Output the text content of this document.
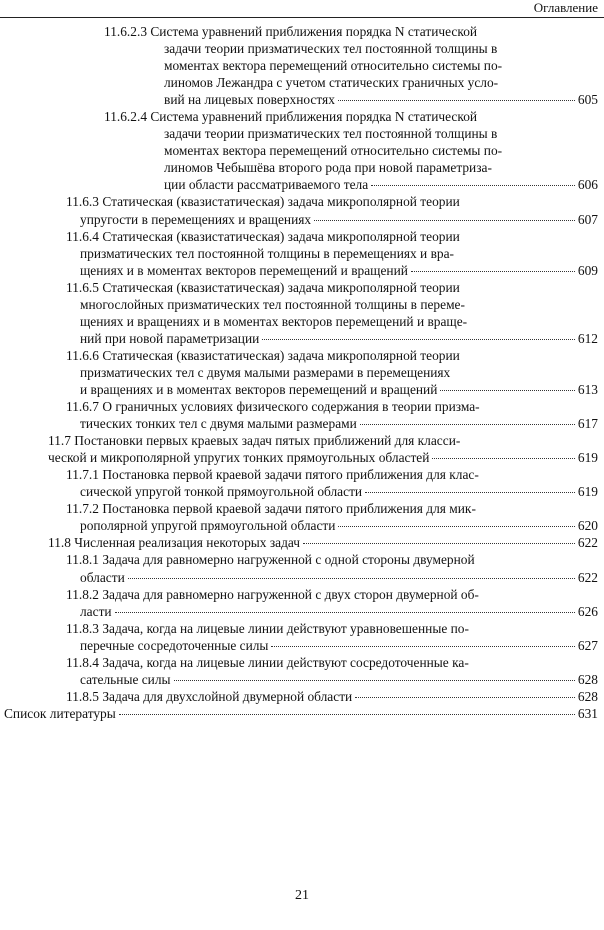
Оглавление
11.6.2.3 Система уравнений приближения порядка N статической
задачи теории призматических тел постоянной толщины в
моментах вектора перемещений относительно системы по-
линомов Лежандра с учетом статических граничных усло-
вий на лицевых поверхностях	605
11.6.2.4 Система уравнений приближения порядка N статической
задачи теории призматических тел постоянной толщины в
моментах вектора перемещений относительно системы по-
линомов Чебышёва второго рода при новой параметризa-
ции области рассматриваемого тела	606
11.6.3 Статическая (квазистатическая) задача микрополярной теории
упругости в перемещениях и вращениях	607
11.6.4 Статическая (квазистатическая) задача микрополярной теории
призматических тел постоянной толщины в перемещениях и вра-
щениях и в моментах векторов перемещений и вращений	609
11.6.5 Статическая (квазистатическая) задача микрополярной теории
многослойных призматических тел постоянной толщины в переме-
щениях и вращениях и в моментах векторов перемещений и враще-
ний при новой параметризации	612
11.6.6 Статическая (квазистатическая) задача микрополярной теории
призматических тел с двумя малыми размерами в перемещениях
и вращениях и в моментах векторов перемещений и вращений	613
11.6.7 О граничных условиях физического содержания в теории призма-
тических тонких тел с двумя малыми размерами	617
11.7 Постановки первых краевых задач пятых приближений для класси-
ческой и микрополярной упругих тонких прямоугольных областей	619
11.7.1 Постановка первой краевой задачи пятого приближения для клас-
сической упругой тонкой прямоугольной области	619
11.7.2 Постановка первой краевой задачи пятого приближения для мик-
рополярной упругой прямоугольной области	620
11.8 Численная реализация некоторых задач	622
11.8.1 Задача для равномерно нагруженной с одной стороны двумерной
области	622
11.8.2 Задача для равномерно нагруженной с двух сторон двумерной об-
ласти	626
11.8.3 Задача, когда на лицевые линии действуют уравновешенные по-
перечные сосредоточенные силы	627
11.8.4 Задача, когда на лицевые линии действуют сосредоточенные ка-
сательные силы	628
11.8.5 Задача для двухслойной двумерной области	628
Список литературы	631
21
